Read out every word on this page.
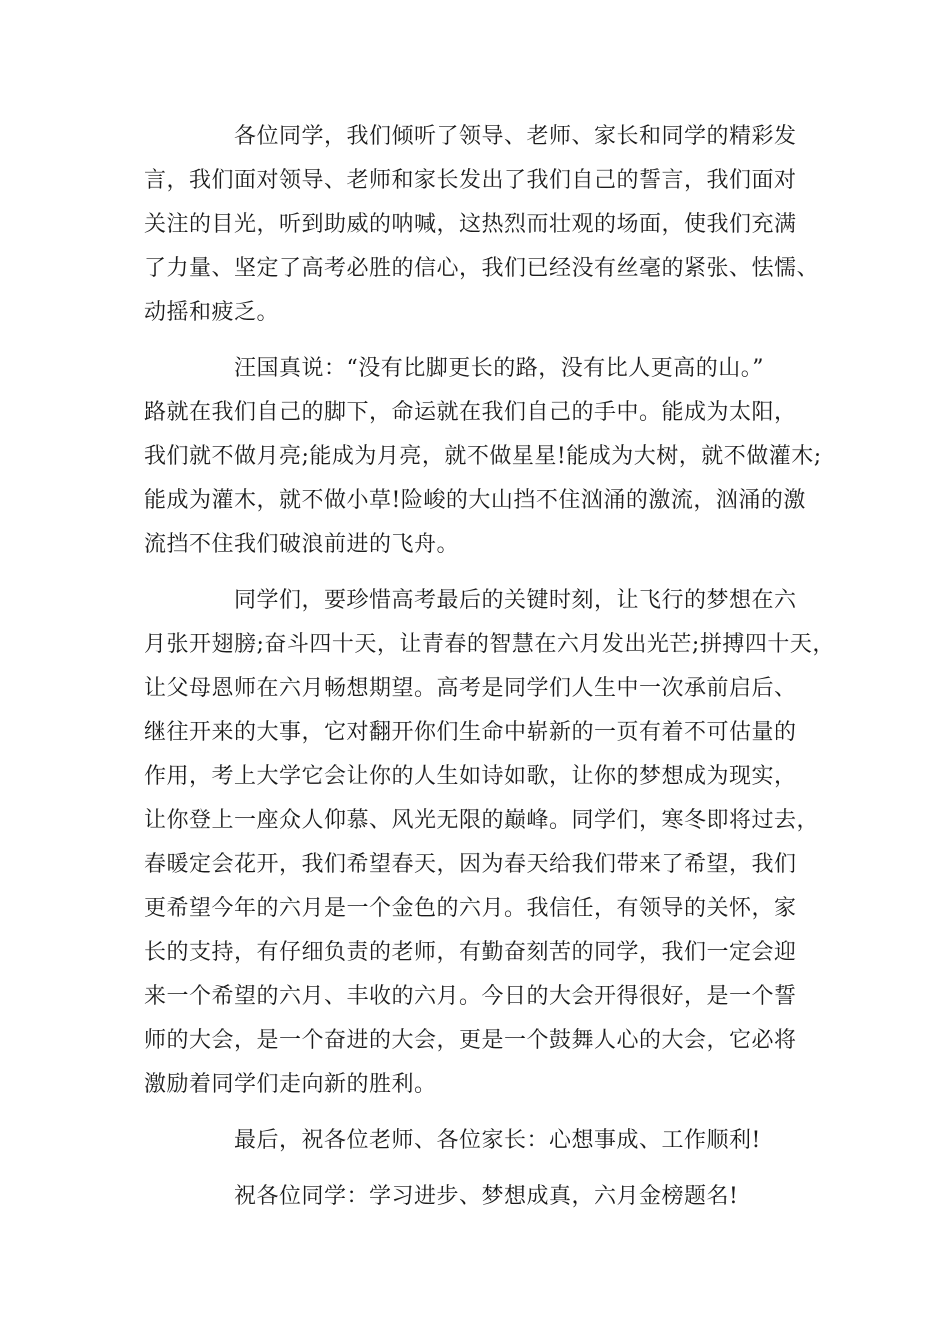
各位同学，我们倾听了领导、老师、家长和同学的精彩发
言，我们面对领导、老师和家长发出了我们自己的誓言，我们面对
关注的目光，听到助威的呐喊，这热烈而壮观的场面，使我们充满
了力量、坚定了高考必胜的信心，我们已经没有丝毫的紧张、怯懦、
动摇和疲乏。

汪国真说：“没有比脚更长的路，没有比人更高的山。”
路就在我们自己的脚下，命运就在我们自己的手中。能成为太阳，
我们就不做月亮;能成为月亮，就不做星星!能成为大树，就不做灌木;
能成为灌木，就不做小草!险峻的大山挡不住汹涌的激流，汹涌的激
流挡不住我们破浪前进的飞舟。

同学们，要珍惜高考最后的关键时刻，让飞行的梦想在六
月张开翅膀;奋斗四十天，让青春的智慧在六月发出光芒;拼搏四十天，
让父母恩师在六月畅想期望。高考是同学们人生中一次承前启后、
继往开来的大事，它对翻开你们生命中崭新的一页有着不可估量的
作用，考上大学它会让你的人生如诗如歌，让你的梦想成为现实，
让你登上一座众人仰慕、风光无限的巅峰。同学们，寒冬即将过去，
春暖定会花开，我们希望春天，因为春天给我们带来了希望，我们
更希望今年的六月是一个金色的六月。我信任，有领导的关怀，家
长的支持，有仔细负责的老师，有勤奋刻苦的同学，我们一定会迎
来一个希望的六月、丰收的六月。今日的大会开得很好，是一个誓
师的大会，是一个奋进的大会，更是一个鼓舞人心的大会，它必将
激励着同学们走向新的胜利。

最后，祝各位老师、各位家长：心想事成、工作顺利!

祝各位同学：学习进步、梦想成真，六月金榜题名!
